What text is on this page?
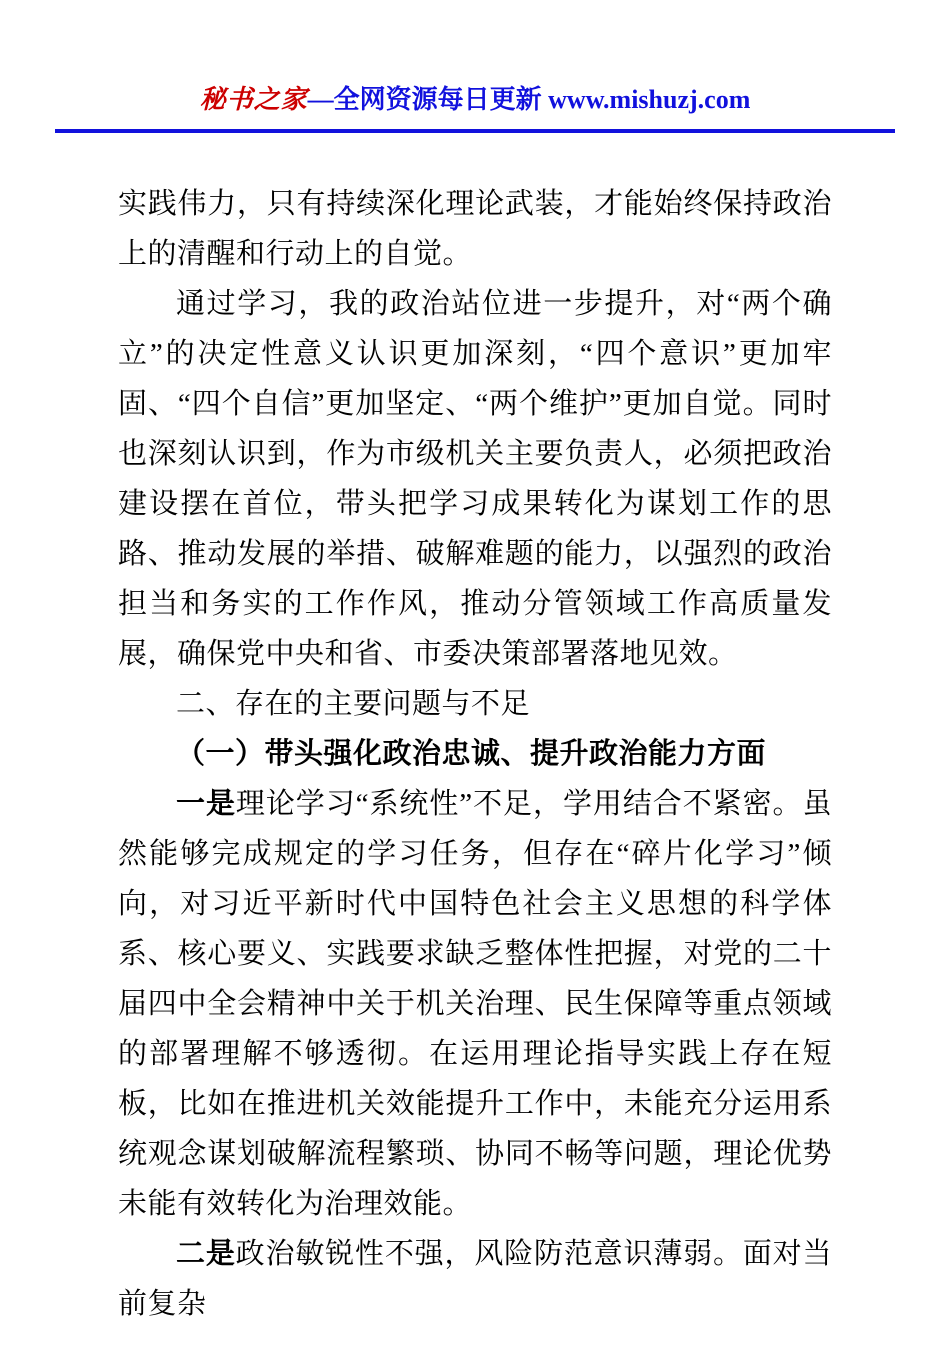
秘书之家—全网资源每日更新 www.mishuzj.com

实践伟力，只有持续深化理论武装，才能始终保持政治上的清醒和行动上的自觉。

通过学习，我的政治站位进一步提升，对“两个确立”的决定性意义认识更加深刻，“四个意识”更加牢固、“四个自信”更加坚定、“两个维护”更加自觉。同时也深刻认识到，作为市级机关主要负责人，必须把政治建设摆在首位，带头把学习成果转化为谋划工作的思路、推动发展的举措、破解难题的能力，以强烈的政治担当和务实的工作作风，推动分管领域工作高质量发展，确保党中央和省、市委决策部署落地见效。

二、存在的主要问题与不足

（一）带头强化政治忠诚、提升政治能力方面

一是理论学习“系统性”不足，学用结合不紧密。虽然能够完成规定的学习任务，但存在“碎片化学习”倾向，对习近平新时代中国特色社会主义思想的科学体系、核心要义、实践要求缺乏整体性把握，对党的二十届四中全会精神中关于机关治理、民生保障等重点领域的部署理解不够透彻。在运用理论指导实践上存在短板，比如在推进机关效能提升工作中，未能充分运用系统观念谋划破解流程繁琐、协同不畅等问题，理论优势未能有效转化为治理效能。

二是政治敏锐性不强，风险防范意识薄弱。面对当前复杂
